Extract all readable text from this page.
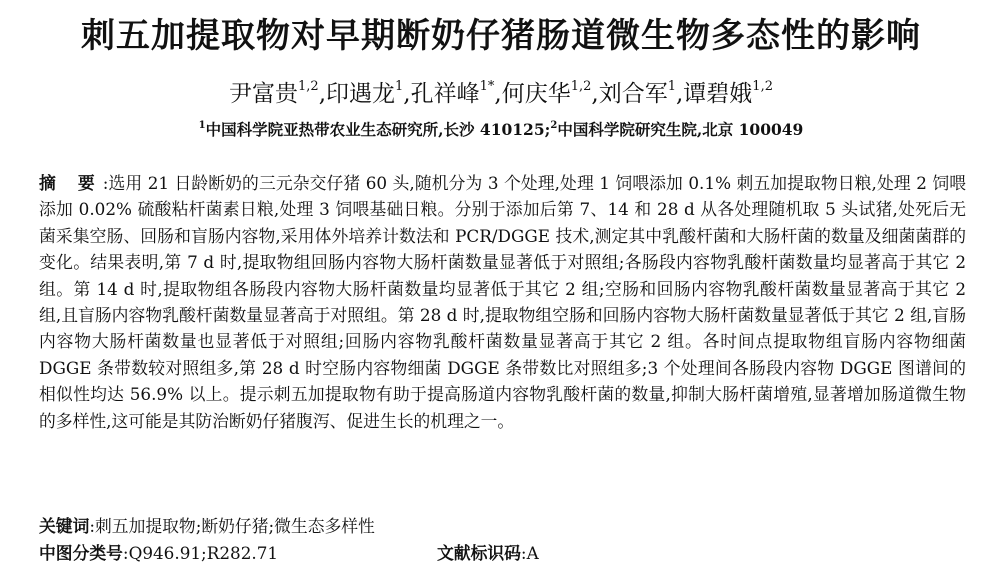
刺五加提取物对早期断奶仔猪肠道微生物多态性的影响
尹富贵$^{1,2}$,印遇龙$^1$,孔祥峰$^{1*}$,何庆华$^{1,2}$,刘合军$^1$,谭碧娥$^{1,2}$
$^1$中国科学院亚热带农业生态研究所,长沙 410125;$^2$中国科学院研究生院,北京 100049
摘 要:选用 21 日龄断奶的三元杂交仔猪 60 头,随机分为 3 个处理,处理 1 饲喂添加 0.1% 刺五加提取物日粮,处理 2 饲喂添加 0.02% 硫酸粘杆菌素日粮,处理 3 饲喂基础日粮。分别于添加后第 7、14 和 28 d 从各处理随机取 5 头试猪,处死后无菌采集空肠、回肠和盲肠内容物,采用体外培养计数法和 PCR/DGGE 技术,测定其中乳酸杆菌和大肠杆菌的数量及细菌菌群的变化。结果表明,第 7 d 时,提取物组回肠内容物大肠杆菌数量显著低于对照组;各肠段内容物乳酸杆菌数量均显著高于其它 2 组。第 14 d 时,提取物组各肠段内容物大肠杆菌数量均显著低于其它 2 组;空肠和回肠内容物乳酸杆菌数量显著高于其它 2 组,且盲肠内容物乳酸杆菌数量显著高于对照组。第 28 d 时,提取物组空肠和回肠内容物大肠杆菌数量显著低于其它 2 组,盲肠内容物大肠杆菌数量也显著低于对照组;回肠内容物乳酸杆菌数量显著高于其它 2 组。各时间点提取物组盲肠内容物细菌 DGGE 条带数较对照组多,第 28 d 时空肠内容物细菌 DGGE 条带数比对照组多;3 个处理间各肠段内容物 DGGE 图谱间的相似性均达 56.9% 以上。提示刺五加提取物有助于提高肠道内容物乳酸杆菌的数量,抑制大肠杆菌增殖,显著增加肠道微生物的多样性,这可能是其防治断奶仔猪腹泻、促进生长的机理之一。
关键词:刺五加提取物;断奶仔猪;微生态多样性
中图分类号:Q946.91;R282.71	文献标识码:A
